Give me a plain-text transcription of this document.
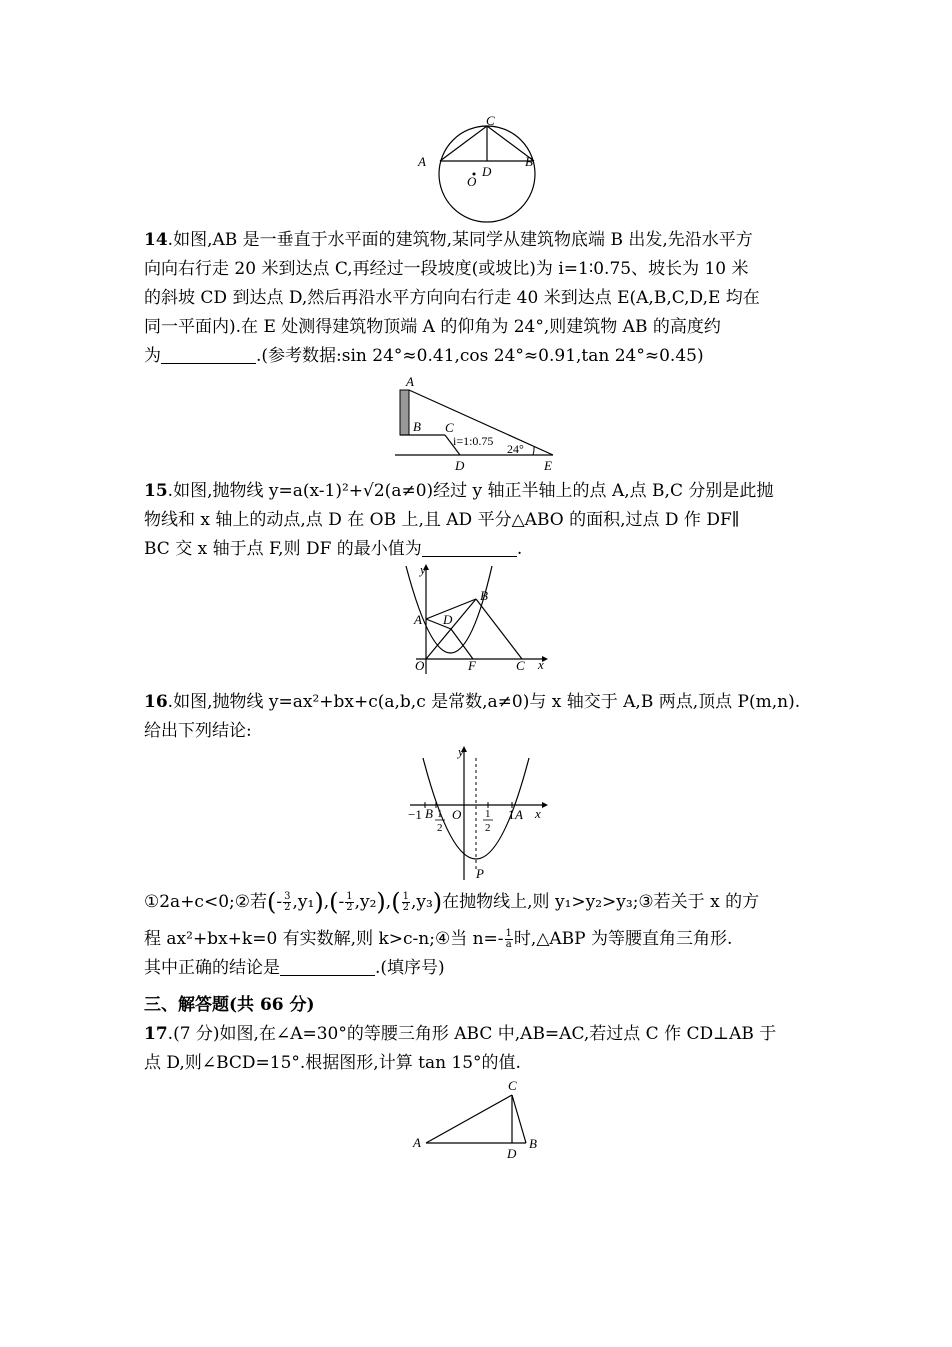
C
A	B
D
O
14.如图,AB 是一垂直于水平面的建筑物,某同学从建筑物底端 B 出发,先沿水平方
向向右行走 20 米到达点 C,再经过一段坡度(或坡比)为 i=1∶0.75、坡长为 10 米
的斜坡 CD 到达点 D,然后再沿水平方向向右行走 40 米到达点 E(A,B,C,D,E 均在
同一平面内).在 E 处测得建筑物顶端 A 的仰角为 24°,则建筑物 AB 的高度约
为	.(参考数据:sin 24°≈0.41,cos 24°≈0.91,tan 24°≈0.45)
A
B C
i=1:0.75
24°
D	E
15.如图,抛物线 y=a(x-1)²+√2(a≠0)经过 y 轴正半轴上的点 A,点 B,C 分别是此抛
物线和 x 轴上的动点,点 D 在 OB 上,且 AD 平分△ABO 的面积,过点 D 作 DF∥
BC 交 x 轴于点 F,则 DF 的最小值为	.
y
x
A
B
D
O	F	C
16.如图,抛物线 y=ax²+bx+c(a,b,c 是常数,a≠0)与 x 轴交于 A,B 两点,顶点 P(m,n).
给出下列结论:
y
x
−1 B 1
2
O 1
2
1 A
P
①2a+c<0;②若(- $\frac{3}{2} ,y_1),(- \frac{1}{2} ,y_2),( \frac{1}{2} ,y_3)$在抛物线上,则 y₁>y₂>y₃;③若关于 x 的方
程 ax²+bx+k=0 有实数解,则 k>c-n;④当 $n=- \frac{1}{a}$ 时,△ABP 为等腰直角三角形.
其中正确的结论是	.(填序号)
三、解答题(共 66 分)
17.(7 分)如图,在∠A=30°的等腰三角形 ABC 中,AB=AC,若过点 C 作 CD⊥AB 于
点 D,则∠BCD=15°.根据图形,计算 tan 15°的值.
C
A	B
D
